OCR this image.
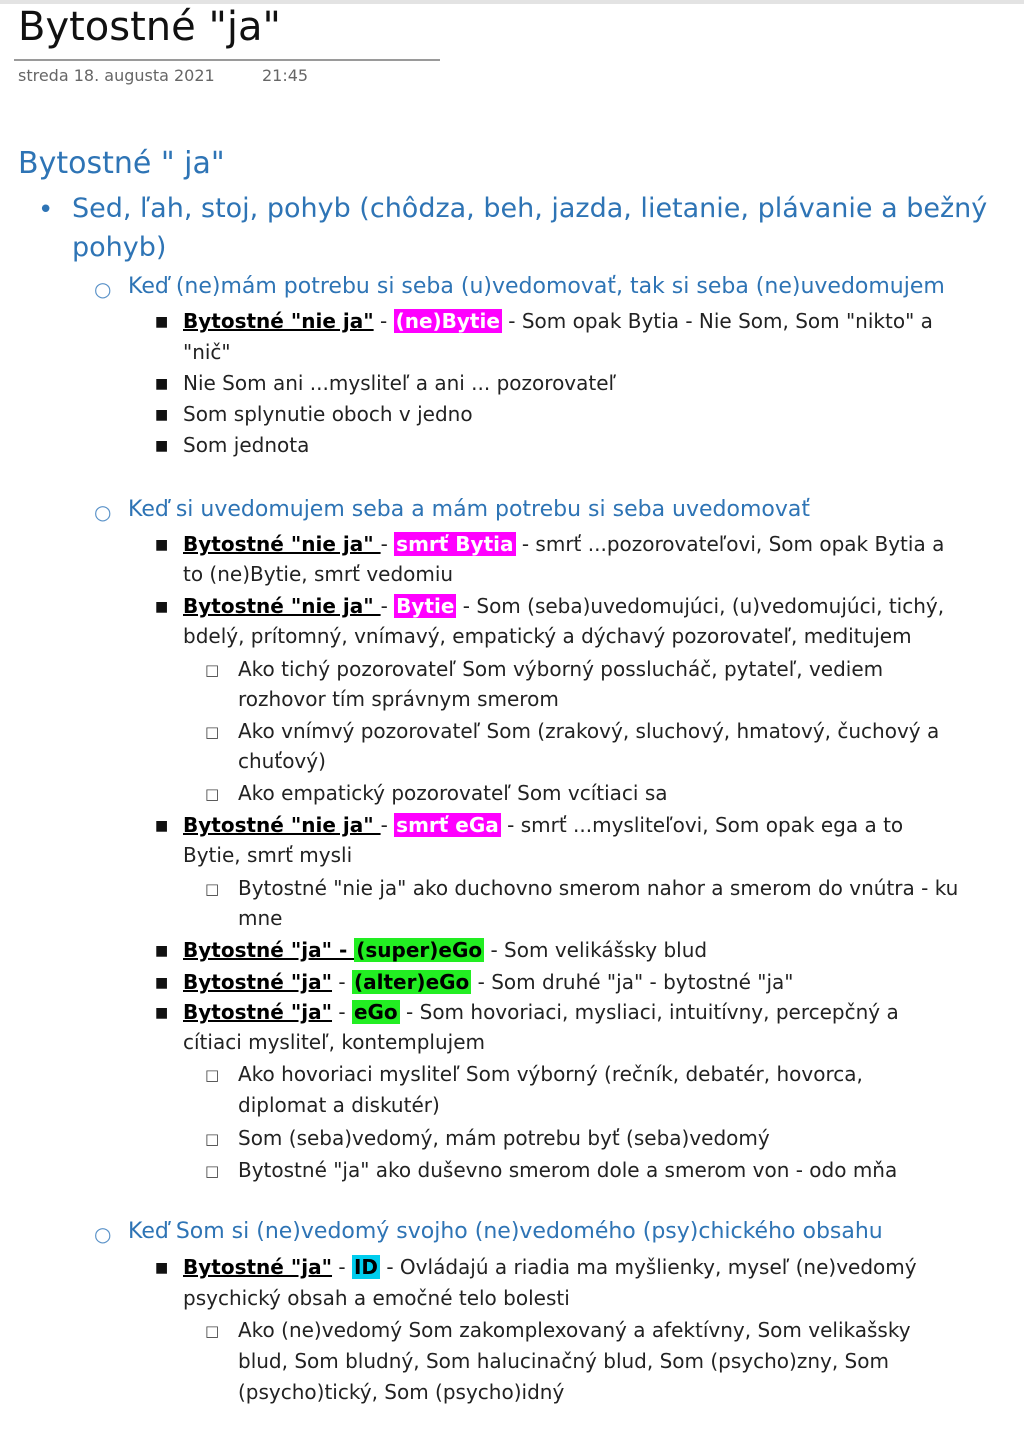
Bytostné "ja"
streda 18. augusta 2021	21:45
Bytostné " ja"
• Sed, ľah, stoj, pohyb (chôdza, beh, jazda, lietanie, plávanie a bežný
pohyb)
○ Keď (ne)mám potrebu si seba (u)vedomovať, tak si seba (ne)uvedomujem
■ Bytostné "nie ja" - (ne)Bytie - Som opak Bytia - Nie Som, Som "nikto" a
"nič"
■ Nie Som ani ...mysliteľ a ani ... pozorovateľ
■ Som splynutie oboch v jedno
■ Som jednota
○ Keď si uvedomujem seba a mám potrebu si seba uvedomovať
■ Bytostné "nie ja" - smrť Bytia - smrť ...pozorovateľovi, Som opak Bytia a
to (ne)Bytie, smrť vedomiu
■ Bytostné "nie ja" - Bytie - Som (seba)uvedomujúci, (u)vedomujúci, tichý,
bdelý, prítomný, vnímavý, empatický a dýchavý pozorovateľ, meditujem
□ Ako tichý pozorovateľ Som výborný posslucháč, pytateľ, vediem
rozhovor tím správnym smerom
□ Ako vnímvý pozorovateľ Som (zrakový, sluchový, hmatový, čuchový a
chuťový)
□ Ako empatický pozorovateľ Som vcítiaci sa
■ Bytostné "nie ja" - smrť eGa - smrť ...mysliteľovi, Som opak ega a to
Bytie, smrť mysli
□ Bytostné "nie ja" ako duchovno smerom nahor a smerom do vnútra - ku
mne
■ Bytostné "ja" - (super)eGo - Som velikášsky blud
■ Bytostné "ja" - (alter)eGo - Som druhé "ja" - bytostné "ja"
■ Bytostné "ja" - eGo - Som hovoriaci, mysliaci, intuitívny, percepčný a
cítiaci mysliteľ, kontemplujem
□ Ako hovoriaci mysliteľ Som výborný (rečník, debatér, hovorca,
diplomat a diskutér)
□ Som (seba)vedomý, mám potrebu byť (seba)vedomý
□ Bytostné "ja" ako duševno smerom dole a smerom von - odo mňa
○ Keď Som si (ne)vedomý svojho (ne)vedomého (psy)chického obsahu
■ Bytostné "ja" - ID - Ovládajú a riadia ma myšlienky, myseľ (ne)vedomý
psychický obsah a emočné telo bolesti
□ Ako (ne)vedomý Som zakomplexovaný a afektívny, Som velikašsky
blud, Som bludný, Som halucinačný blud, Som (psycho)zny, Som
(psycho)tický, Som (psycho)idný
